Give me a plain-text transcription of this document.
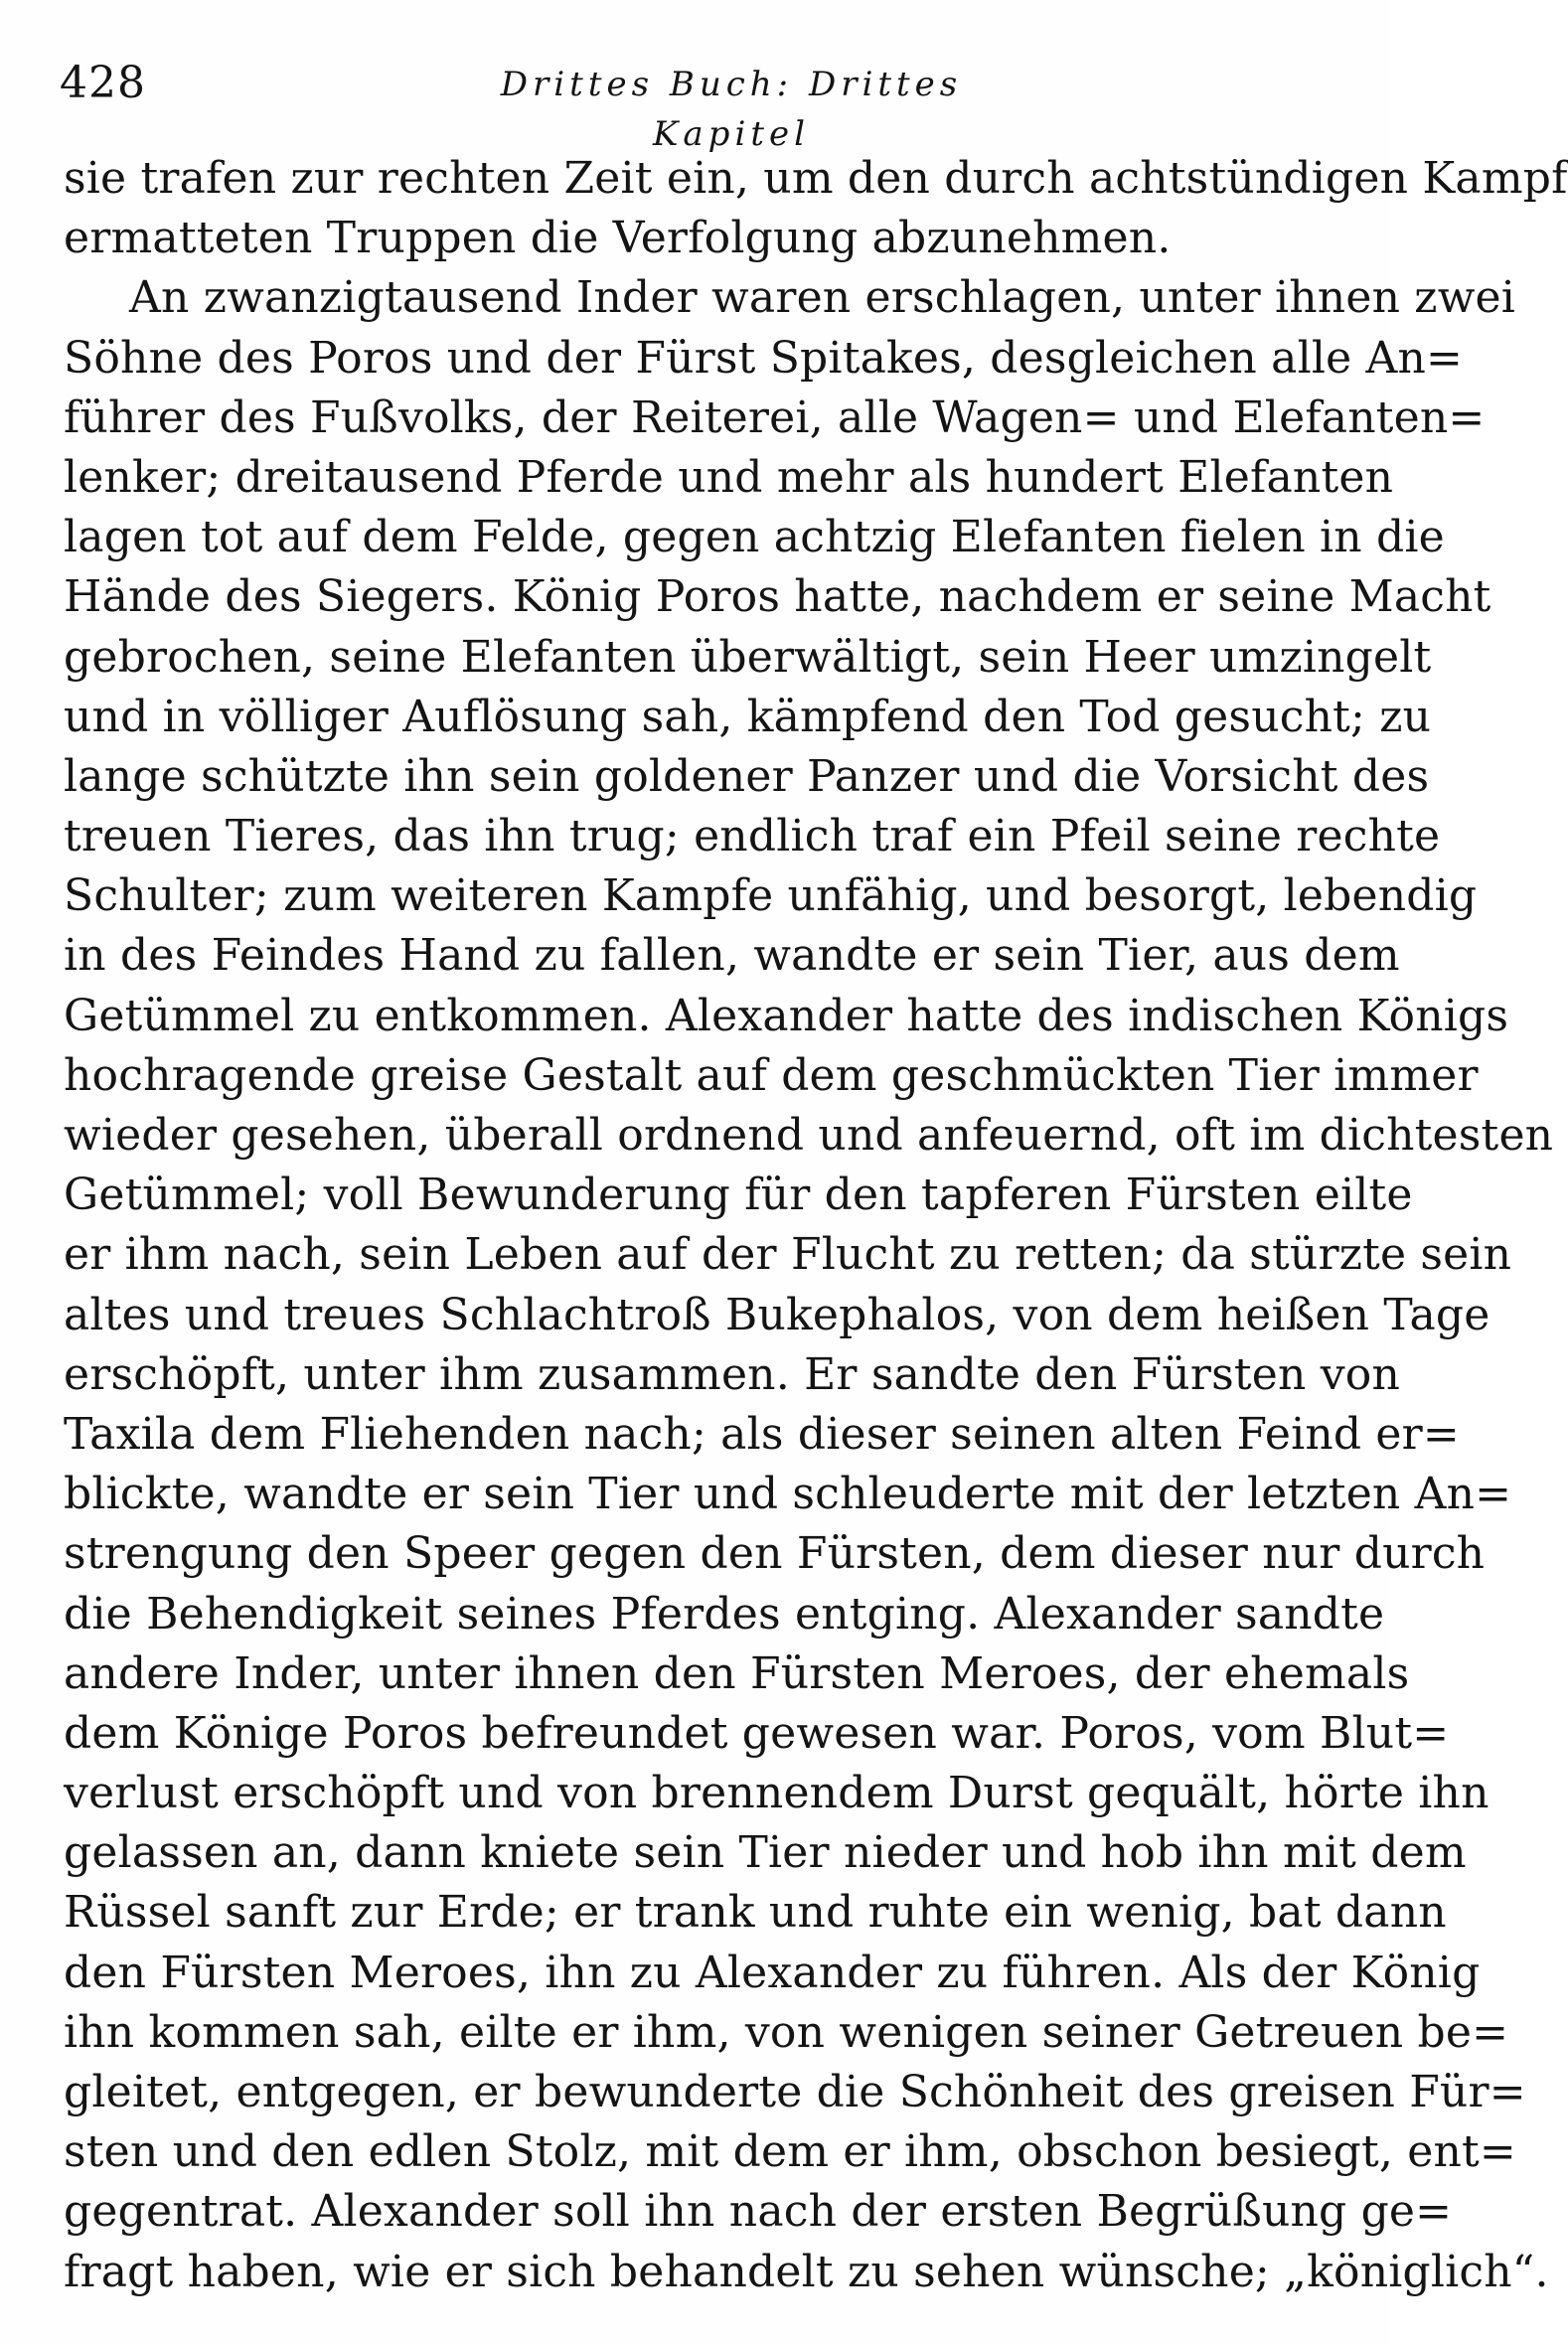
428	Drittes Buch: Drittes Kapitel
sie trafen zur rechten Zeit ein, um den durch achtstündigen Kampf
ermatteten Truppen die Verfolgung abzunehmen.
An zwanzigtausend Inder waren erschlagen, unter ihnen zwei
Söhne des Poros und der Fürst Spitakes, desgleichen alle An=
führer des Fußvolks, der Reiterei, alle Wagen= und Elefanten=
lenker; dreitausend Pferde und mehr als hundert Elefanten
lagen tot auf dem Felde, gegen achtzig Elefanten fielen in die
Hände des Siegers. König Poros hatte, nachdem er seine Macht
gebrochen, seine Elefanten überwältigt, sein Heer umzingelt
und in völliger Auflösung sah, kämpfend den Tod gesucht; zu
lange schützte ihn sein goldener Panzer und die Vorsicht des
treuen Tieres, das ihn trug; endlich traf ein Pfeil seine rechte
Schulter; zum weiteren Kampfe unfähig, und besorgt, lebendig
in des Feindes Hand zu fallen, wandte er sein Tier, aus dem
Getümmel zu entkommen. Alexander hatte des indischen Königs
hochragende greise Gestalt auf dem geschmückten Tier immer
wieder gesehen, überall ordnend und anfeuernd, oft im dichtesten
Getümmel; voll Bewunderung für den tapferen Fürsten eilte
er ihm nach, sein Leben auf der Flucht zu retten; da stürzte sein
altes und treues Schlachtroß Bukephalos, von dem heißen Tage
erschöpft, unter ihm zusammen. Er sandte den Fürsten von
Taxila dem Fliehenden nach; als dieser seinen alten Feind er=
blickte, wandte er sein Tier und schleuderte mit der letzten An=
strengung den Speer gegen den Fürsten, dem dieser nur durch
die Behendigkeit seines Pferdes entging. Alexander sandte
andere Inder, unter ihnen den Fürsten Meroes, der ehemals
dem Könige Poros befreundet gewesen war. Poros, vom Blut=
verlust erschöpft und von brennendem Durst gequält, hörte ihn
gelassen an, dann kniete sein Tier nieder und hob ihn mit dem
Rüssel sanft zur Erde; er trank und ruhte ein wenig, bat dann
den Fürsten Meroes, ihn zu Alexander zu führen. Als der König
ihn kommen sah, eilte er ihm, von wenigen seiner Getreuen be=
gleitet, entgegen, er bewunderte die Schönheit des greisen Für=
sten und den edlen Stolz, mit dem er ihm, obschon besiegt, ent=
gegentrat. Alexander soll ihn nach der ersten Begrüßung ge=
fragt haben, wie er sich behandelt zu sehen wünsche; „königlich“.
